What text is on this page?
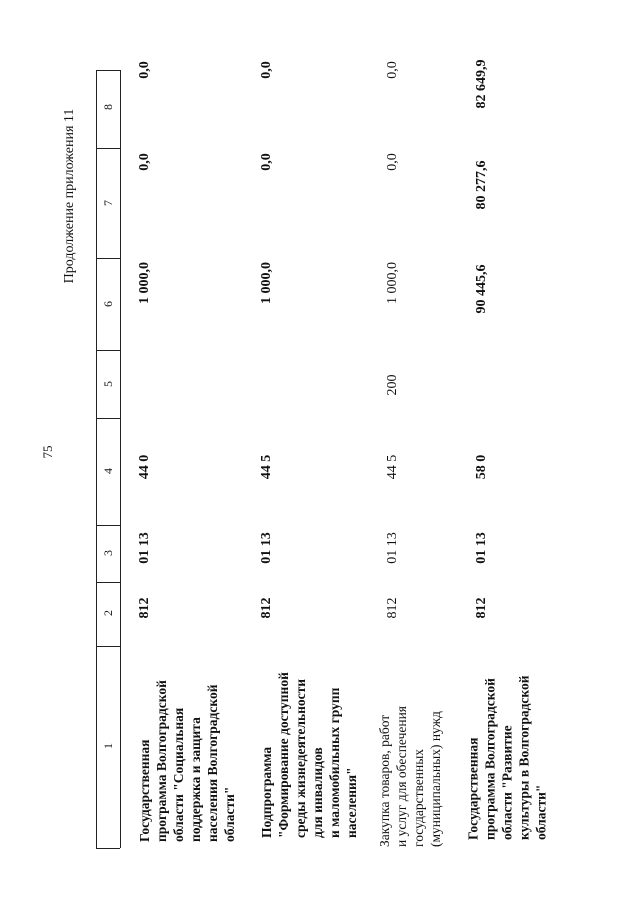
75
Продолжение приложения 11
1
2
3
4
5
6
7
8
Государственная программа Волгоградской области "Социальная поддержка и защита населения Волгоградской области"
812
01 13
44 0
1 000,0
0,0
0,0
Подпрограмма "Формирование доступной среды жизнедеятельности для инвалидов и маломобильных групп населения"
812
01 13
44 5
1 000,0
0,0
0,0
Закупка товаров, работ и услуг для обеспечения государственных (муниципальных) нужд
812
01 13
44 5
200
1 000,0
0,0
0,0
Государственная программа Волгоградской области "Развитие культуры в Волгоградской области"
812
01 13
58 0
90 445,6
80 277,6
82 649,9
